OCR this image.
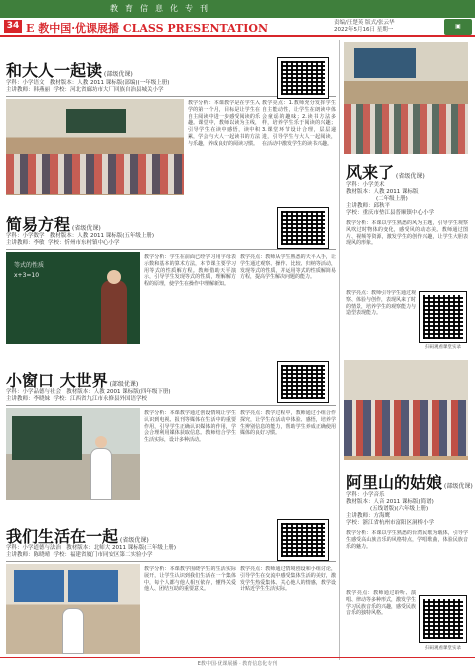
教育信息化专刊
34 E 教中国·优课展播 CLASS PRESENTATION	责编/汪楚英 版式/张云华
2022年5月16日 星期一	▣
和大人一起读 (部级优课)
学科：小学语文 教材版本：人教 2011 课标版(部编)(一年级上册)
主讲教师：韩燕丽 学校：河北省廊坊市大厂回族自治县城关小学
教学分析：本课教学是在学生入学的第一个月，目标是让学生在自主阅读中进一步感受阅读的乐趣。课堂中，教师以读为主线，引导学生在读中感悟，读中积累，学会与大人一起读书的方法与乐趣，养成良好的阅读习惯。
教学亮点：1.教师充分发挥学生自主能动性，让学生在朗读中体会童谣的趣味；2.读书方法多样，培养学生乐于阅读的兴趣；3.课堂环节设计合理，层层递进，引导学生与大人一起阅读，在活动中激发学生的读书兴趣。
简易方程 (省级优课)
学科：小学数学 教材版本：人教 2011 课标版(五年级上册)
主讲教师：李敏 学校：忻州市东村镇中心小学
等式的性质
x+3=10
教学分析：学生在前面已经学习用字母表示数和基本的算术方法，本节课主要学习用等式的性质解方程。教师借助天平演示，引导学生发现等式的性质，理解解方程的原理，使学生在操作中理解新知。
教学亮点：教师从学生熟悉的天平入手，让学生通过观察、操作、比较、归纳等活动，发现等式的性质，并运用等式的性质解简易方程，提高学生解决问题的能力。
小窗口 大世界 (部级优课)
学科：小学品德与社会 教材版本：人教 2001 课标版(四年级下册)
主讲教师：李晓妹 学校：江西省九江市永修县外国语学校
教学分析：本课教学通过创设情境让学生认识到电视、报刊等媒体在生活中的重要作用，引导学生正确认识媒体的作用，学会合理利用媒体获取信息。教师结合学生生活实际，设计多种活动。
教学亮点：教学过程中，教师通过小组合作探究，让学生在活动中体验、感悟，培养学生辨别信息的能力，帮助学生养成正确使用媒体的良好习惯。
我们生活在一起 (省级优课)
学科：小学道德与法治 教材版本：北师大 2011 课标版(三年级上册)
主讲教师：陈晓晴 学校：福建省厦门市同安区第二实验小学
教学分析：本课教学围绕学生的生活实际展开，让学生认识到我们生活在一个集体中，每个人都与他人相互依存，懂得关爱他人、团结互助的重要意义。
教学亮点：教师通过情境创设和小组讨论，引导学生在交流中感受集体生活的美好，激发学生热爱集体、关心他人的情感，教学设计贴近学生生活实际。
风来了 (省级优课)
学科：小学美术
教材版本：人教 2011 课标版
(二年级上册)
主讲教师：邱秋平
学校：重庆市垫江县普顺镇中心小学
教学分析：本课以学生熟悉的风为主题，引导学生观察风吹过时物体的变化，感受风的动态美。教师通过图片、视频等资源，激发学生的创作兴趣，让学生大胆表现风的形象。
教学亮点：教师引导学生通过观察、体验与创作，表现风来了时的情景，培养学生的观察能力与造型表现能力。
扫码观看课堂实录
阿里山的姑娘 (部级优课)
学科：小学音乐
教材版本：人音 2011 课标版(简谱)
(五线谱版)(六年级上册)
主讲教师：方海鹰
学校：浙江省杭州市富阳区洞桥小学
教学分析：本课以学生熟悉的台湾民歌为载体，引导学生感受高山族音乐的风格特点，学唱歌曲，体验民族音乐的魅力。
教学亮点：教师通过聆听、演唱、律动等多种形式，激发学生学习民族音乐的兴趣，感受民族音乐的独特风格。
扫码观看课堂实录
E教中国·优课展播 · 教育信息化专刊
